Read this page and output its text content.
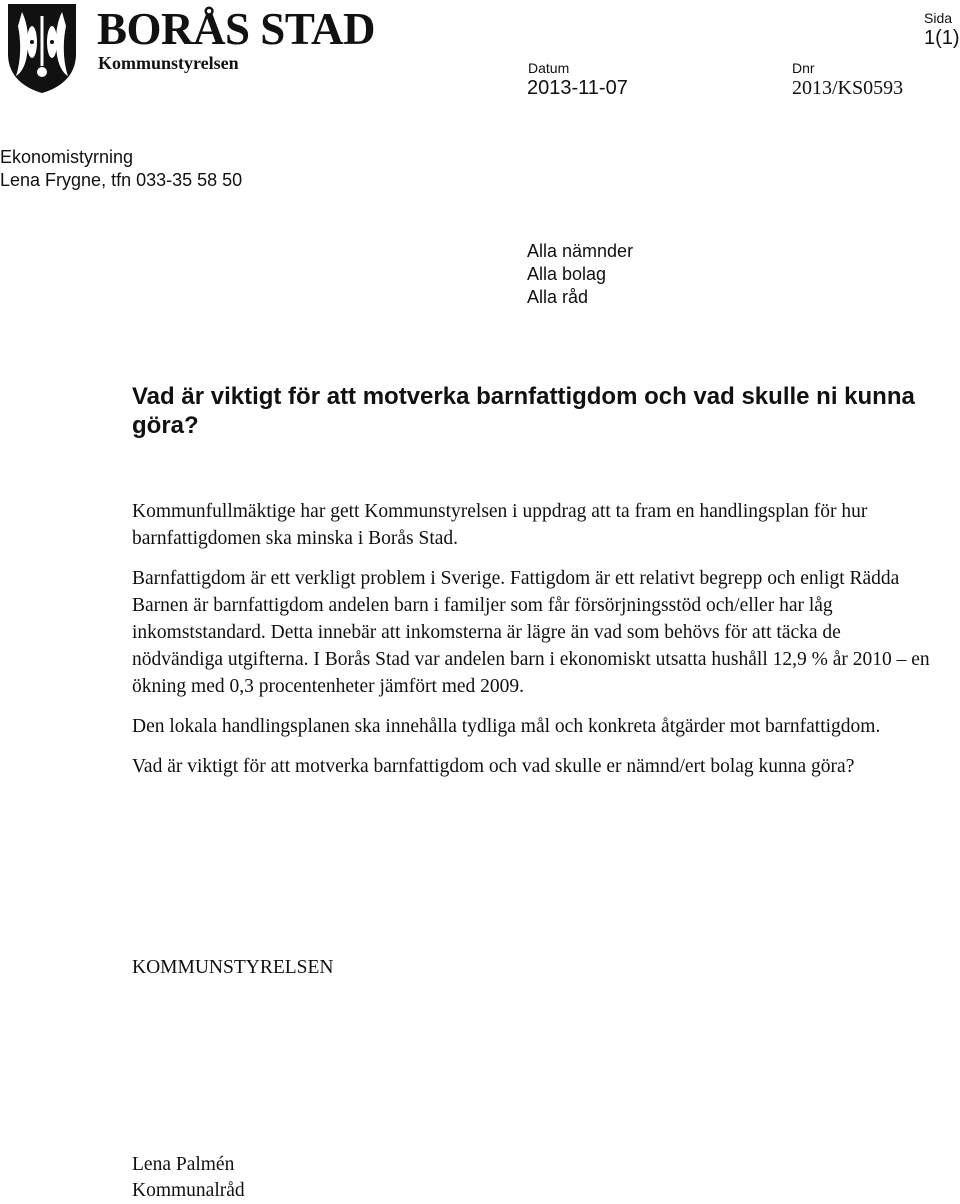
BORÅS STAD
Kommunstyrelsen
Sida
1(1)
Datum
2013-11-07
Dnr
2013/KS0593
Ekonomistyrning
Lena Frygne, tfn 033-35 58 50
Alla nämnder
Alla bolag
Alla råd
Vad är viktigt för att motverka barnfattigdom och vad skulle ni kunna göra?

Kommunfullmäktige har gett Kommunstyrelsen i uppdrag att ta fram en handlingsplan för hur barnfattigdomen ska minska i Borås Stad.

Barnfattigdom är ett verkligt problem i Sverige. Fattigdom är ett relativt begrepp och enligt Rädda Barnen är barnfattigdom andelen barn i familjer som får försörjningsstöd och/eller har låg inkomststandard. Detta innebär att inkomsterna är lägre än vad som behövs för att täcka de nödvändiga utgifterna. I Borås Stad var andelen barn i ekonomiskt utsatta hushåll 12,9 % år 2010 – en ökning med 0,3 procentenheter jämfört med 2009.

Den lokala handlingsplanen ska innehålla tydliga mål och konkreta åtgärder mot barnfattigdom.

Vad är viktigt för att motverka barnfattigdom och vad skulle er nämnd/ert bolag kunna göra?

KOMMUNSTYRELSEN
Lena Palmén
Kommunalråd
